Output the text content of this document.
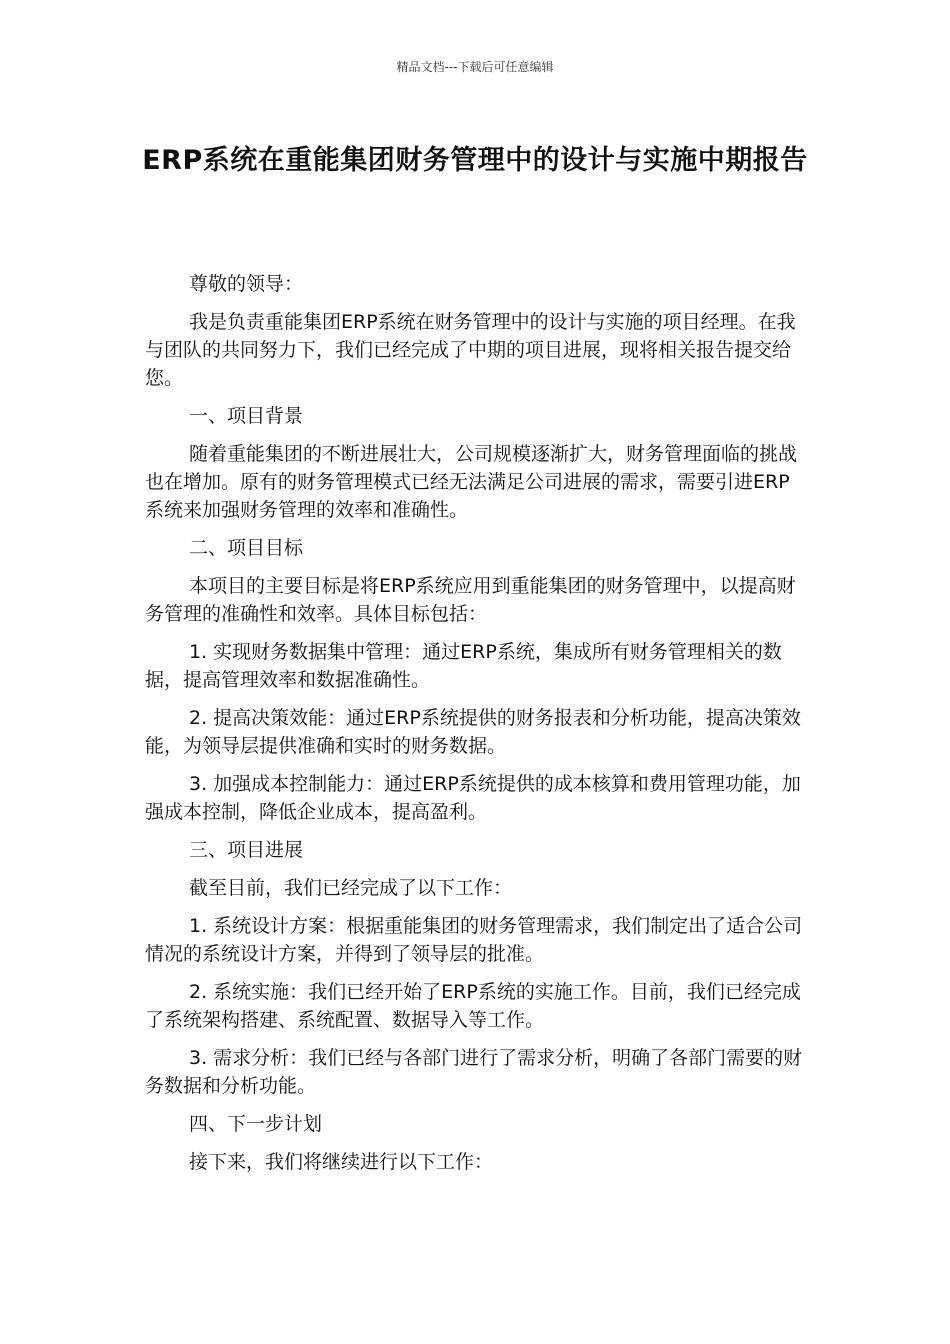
精品文档---下载后可任意编辑
ERP系统在重能集团财务管理中的设计与实施中期报告

尊敬的领导：

我是负责重能集团ERP系统在财务管理中的设计与实施的项目经理。在我与团队的共同努力下，我们已经完成了中期的项目进展，现将相关报告提交给您。

一、项目背景

随着重能集团的不断进展壮大，公司规模逐渐扩大，财务管理面临的挑战也在增加。原有的财务管理模式已经无法满足公司进展的需求，需要引进ERP系统来加强财务管理的效率和准确性。

二、项目目标

本项目的主要目标是将ERP系统应用到重能集团的财务管理中，以提高财务管理的准确性和效率。具体目标包括：

1. 实现财务数据集中管理：通过ERP系统，集成所有财务管理相关的数据，提高管理效率和数据准确性。

2. 提高决策效能：通过ERP系统提供的财务报表和分析功能，提高决策效能，为领导层提供准确和实时的财务数据。

3. 加强成本控制能力：通过ERP系统提供的成本核算和费用管理功能，加强成本控制，降低企业成本，提高盈利。

三、项目进展

截至目前，我们已经完成了以下工作：

1. 系统设计方案：根据重能集团的财务管理需求，我们制定出了适合公司情况的系统设计方案，并得到了领导层的批准。

2. 系统实施：我们已经开始了ERP系统的实施工作。目前，我们已经完成了系统架构搭建、系统配置、数据导入等工作。

3. 需求分析：我们已经与各部门进行了需求分析，明确了各部门需要的财务数据和分析功能。

四、下一步计划

接下来，我们将继续进行以下工作：
